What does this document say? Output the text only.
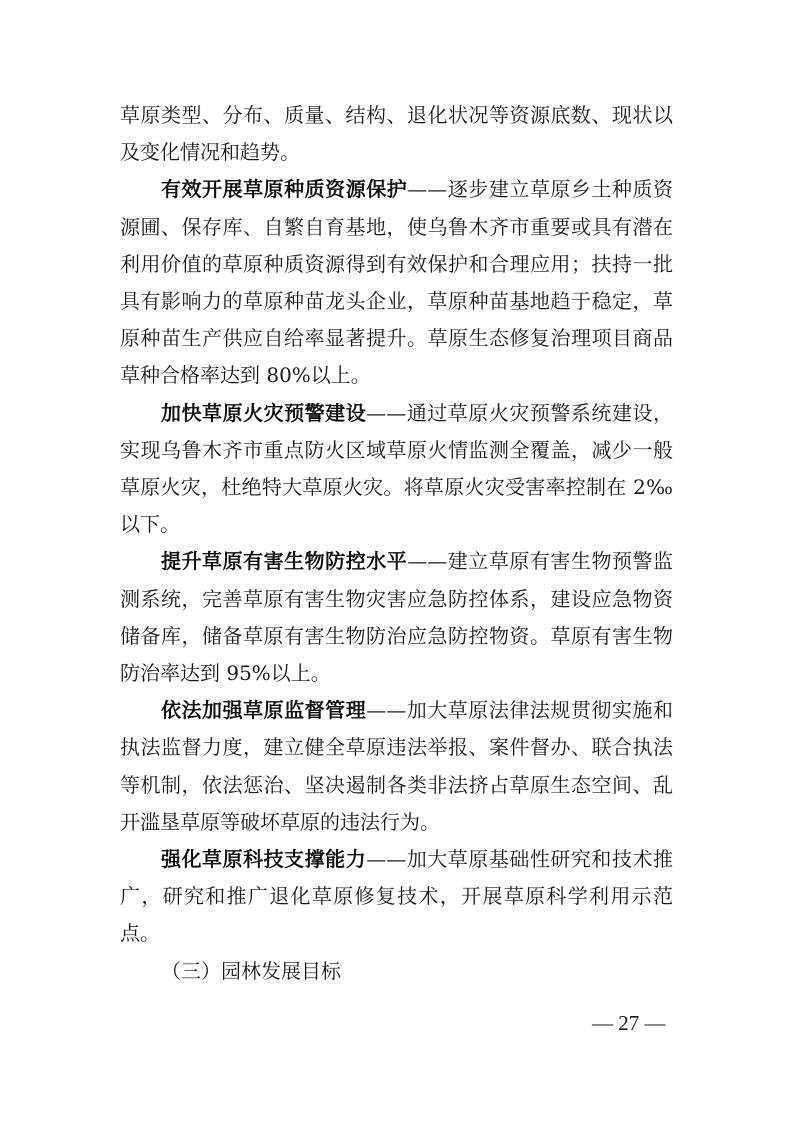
草原类型、分布、质量、结构、退化状况等资源底数、现状以及变化情况和趋势。

有效开展草原种质资源保护——逐步建立草原乡土种质资源圃、保存库、自繁自育基地，使乌鲁木齐市重要或具有潜在利用价值的草原种质资源得到有效保护和合理应用；扶持一批具有影响力的草原种苗龙头企业，草原种苗基地趋于稳定，草原种苗生产供应自给率显著提升。草原生态修复治理项目商品草种合格率达到 80%以上。

加快草原火灾预警建设——通过草原火灾预警系统建设，实现乌鲁木齐市重点防火区域草原火情监测全覆盖，减少一般草原火灾，杜绝特大草原火灾。将草原火灾受害率控制在 2‰以下。

提升草原有害生物防控水平——建立草原有害生物预警监测系统，完善草原有害生物灾害应急防控体系，建设应急物资储备库，储备草原有害生物防治应急防控物资。草原有害生物防治率达到 95%以上。

依法加强草原监督管理——加大草原法律法规贯彻实施和执法监督力度，建立健全草原违法举报、案件督办、联合执法等机制，依法惩治、坚决遏制各类非法挤占草原生态空间、乱开滥垦草原等破坏草原的违法行为。

强化草原科技支撑能力——加大草原基础性研究和技术推广，研究和推广退化草原修复技术，开展草原科学利用示范点。

（三）园林发展目标

— 27 —
